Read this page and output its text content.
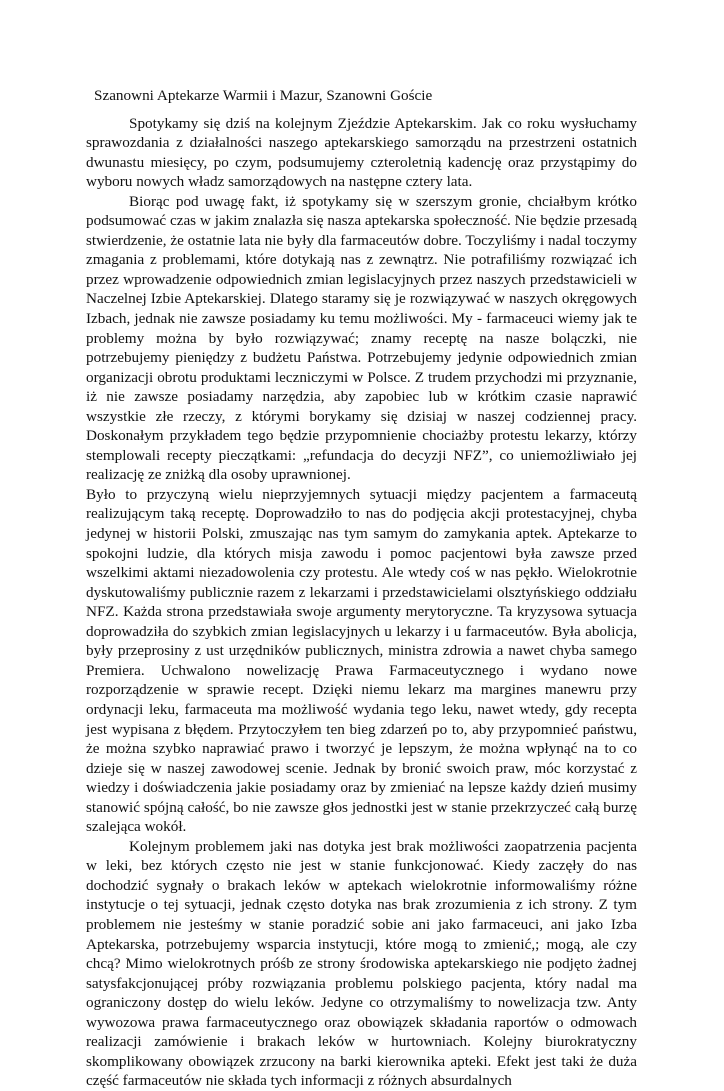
Szanowni Aptekarze Warmii i Mazur, Szanowni Goście

Spotykamy się dziś na kolejnym Zjeździe Aptekarskim. Jak co roku wysłuchamy sprawozdania z działalności naszego aptekarskiego samorządu na przestrzeni ostatnich dwunastu miesięcy, po czym, podsumujemy czteroletnią kadencję oraz przystąpimy do wyboru nowych władz samorządowych na następne cztery lata.

Biorąc pod uwagę fakt, iż spotykamy się w szerszym gronie, chciałbym krótko podsumować czas w jakim znalazła się nasza aptekarska społeczność. Nie będzie przesadą stwierdzenie, że ostatnie lata nie były dla farmaceutów dobre. Toczyliśmy i nadal toczymy zmagania z problemami, które dotykają nas z zewnątrz. Nie potrafiliśmy rozwiązać ich przez wprowadzenie odpowiednich zmian legislacyjnych przez naszych przedstawicieli w Naczelnej Izbie Aptekarskiej. Dlatego staramy się je rozwiązywać w naszych okręgowych Izbach, jednak nie zawsze posiadamy ku temu możliwości. My - farmaceuci wiemy jak te problemy można by było rozwiązywać; znamy receptę na nasze bolączki, nie potrzebujemy pieniędzy z budżetu Państwa. Potrzebujemy jedynie odpowiednich zmian organizacji obrotu produktami leczniczymi w Polsce. Z trudem przychodzi mi przyznanie, iż nie zawsze posiadamy narzędzia, aby zapobiec lub w krótkim czasie naprawić wszystkie złe rzeczy, z którymi borykamy się dzisiaj w naszej codziennej pracy. Doskonałym przykładem tego będzie przypomnienie chociażby protestu lekarzy, którzy stemplowali recepty pieczątkami: „refundacja do decyzji NFZ”, co uniemożliwiało jej realizację ze zniżką dla osoby uprawnionej.

Było to przyczyną wielu nieprzyjemnych sytuacji między pacjentem a farmaceutą realizującym taką receptę. Doprowadziło to nas do podjęcia akcji protestacyjnej, chyba jedynej w historii Polski, zmuszając nas tym samym do zamykania aptek. Aptekarze to spokojni ludzie, dla których misja zawodu i pomoc pacjentowi była zawsze przed wszelkimi aktami niezadowolenia czy protestu. Ale wtedy coś w nas pękło. Wielokrotnie dyskutowaliśmy publicznie razem z lekarzami i przedstawicielami olsztyńskiego oddziału NFZ. Każda strona przedstawiała swoje argumenty merytoryczne. Ta kryzysowa sytuacja doprowadziła do szybkich zmian legislacyjnych u lekarzy i u farmaceutów. Była abolicja, były przeprosiny z ust urzędników publicznych, ministra zdrowia a nawet chyba samego Premiera. Uchwalono nowelizację Prawa Farmaceutycznego i wydano nowe rozporządzenie w sprawie recept. Dzięki niemu lekarz ma margines manewru przy ordynacji leku, farmaceuta ma możliwość wydania tego leku, nawet wtedy, gdy recepta jest wypisana z błędem. Przytoczyłem ten bieg zdarzeń po to, aby przypomnieć państwu, że można szybko naprawiać prawo i tworzyć je lepszym, że można wpłynąć na to co dzieje się w naszej zawodowej scenie. Jednak by bronić swoich praw, móc korzystać z wiedzy i doświadczenia jakie posiadamy oraz by zmieniać na lepsze każdy dzień musimy stanowić spójną całość, bo nie zawsze głos jednostki jest w stanie przekrzyczeć całą burzę szalejąca wokół.

Kolejnym problemem jaki nas dotyka jest brak możliwości zaopatrzenia pacjenta w leki, bez których często nie jest w stanie funkcjonować. Kiedy zaczęły do nas dochodzić sygnały o brakach leków w aptekach wielokrotnie informowaliśmy różne instytucje o tej sytuacji, jednak często dotyka nas brak zrozumienia z ich strony. Z tym problemem nie jesteśmy w stanie poradzić sobie ani jako farmaceuci, ani jako Izba Aptekarska, potrzebujemy wsparcia instytucji, które mogą to zmienić,; mogą, ale czy chcą? Mimo wielokrotnych próśb ze strony środowiska aptekarskiego nie podjęto żadnej satysfakcjonującej próby rozwiązania problemu polskiego pacjenta, który nadal ma ograniczony dostęp do wielu leków. Jedyne co otrzymaliśmy to nowelizacja tzw. Anty wywozowa prawa farmaceutycznego oraz obowiązek składania raportów o odmowach realizacji zamówienie i brakach leków w hurtowniach. Kolejny biurokratyczny skomplikowany obowiązek zrzucony na barki kierownika apteki. Efekt jest taki że duża część farmaceutów nie składa tych informacji z różnych absurdalnych
